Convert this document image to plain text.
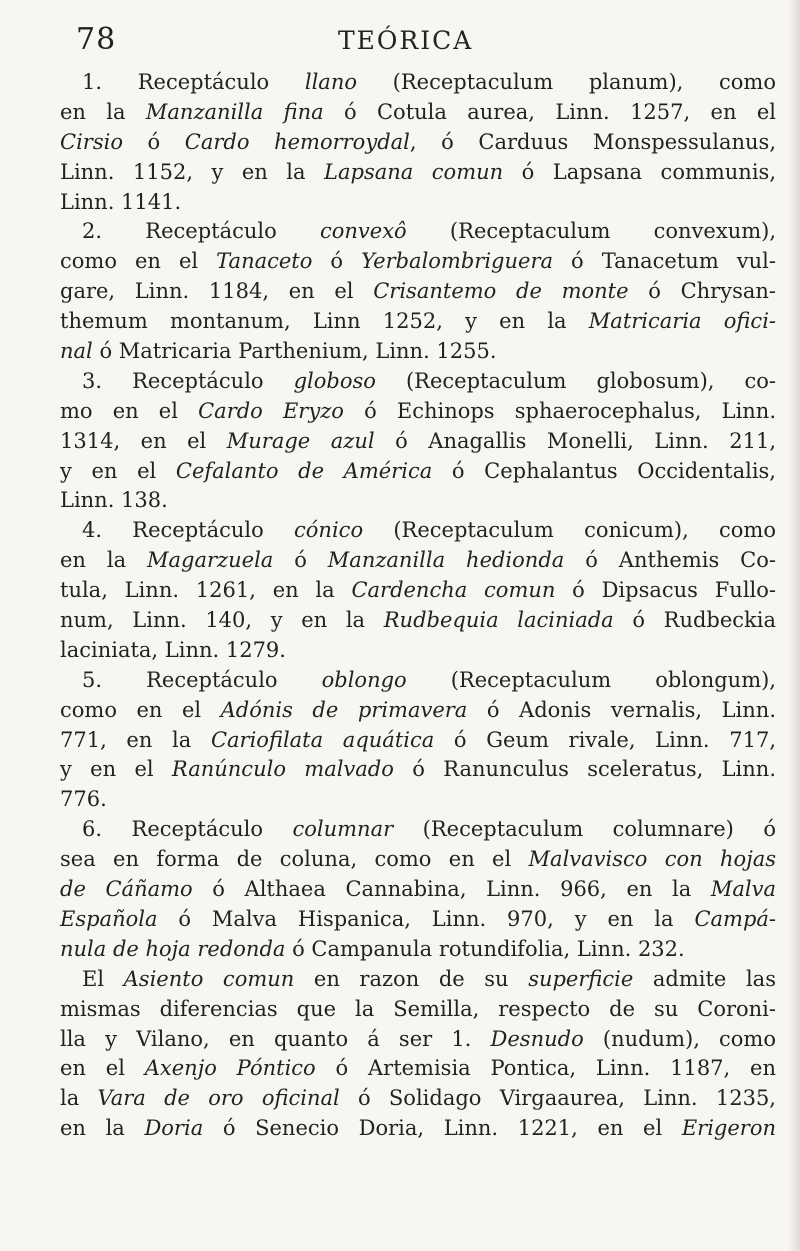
78	TEÓRICA
1. Receptáculo llano (Receptaculum planum), como
en la Manzanilla fina ó Cotula aurea, Linn. 1257, en el
Cirsio ó Cardo hemorroydal, ó Carduus Monspessulanus,
Linn. 1152, y en la Lapsana comun ó Lapsana communis,
Linn. 1141.
2. Receptáculo convexô (Receptaculum convexum),
como en el Tanaceto ó Yerbalombriguera ó Tanacetum vul-
gare, Linn. 1184, en el Crisantemo de monte ó Chrysan-
themum montanum, Linn 1252, y en la Matricaria ofici-
nal ó Matricaria Parthenium, Linn. 1255.
3. Receptáculo globoso (Receptaculum globosum), co-
mo en el Cardo Eryzo ó Echinops sphaerocephalus, Linn.
1314, en el Murage azul ó Anagallis Monelli, Linn. 211,
y en el Cefalanto de América ó Cephalantus Occidentalis,
Linn. 138.
4. Receptáculo cónico (Receptaculum conicum), como
en la Magarzuela ó Manzanilla hedionda ó Anthemis Co-
tula, Linn. 1261, en la Cardencha comun ó Dipsacus Fullo-
num, Linn. 140, y en la Rudbequia laciniada ó Rudbeckia
laciniata, Linn. 1279.
5. Receptáculo oblongo (Receptaculum oblongum),
como en el Adónis de primavera ó Adonis vernalis, Linn.
771, en la Cariofilata aquática ó Geum rivale, Linn. 717,
y en el Ranúnculo malvado ó Ranunculus sceleratus, Linn.
776.
6. Receptáculo columnar (Receptaculum columnare) ó
sea en forma de coluna, como en el Malvavisco con hojas
de Cáñamo ó Althaea Cannabina, Linn. 966, en la Malva
Española ó Malva Hispanica, Linn. 970, y en la Campá-
nula de hoja redonda ó Campanula rotundifolia, Linn. 232.
El Asiento comun en razon de su superficie admite las
mismas diferencias que la Semilla, respecto de su Coroni-
lla y Vilano, en quanto á ser 1. Desnudo (nudum), como
en el Axenjo Póntico ó Artemisia Pontica, Linn. 1187, en
la Vara de oro oficinal ó Solidago Virgaaurea, Linn. 1235,
en la Doria ó Senecio Doria, Linn. 1221, en el Erigeron
